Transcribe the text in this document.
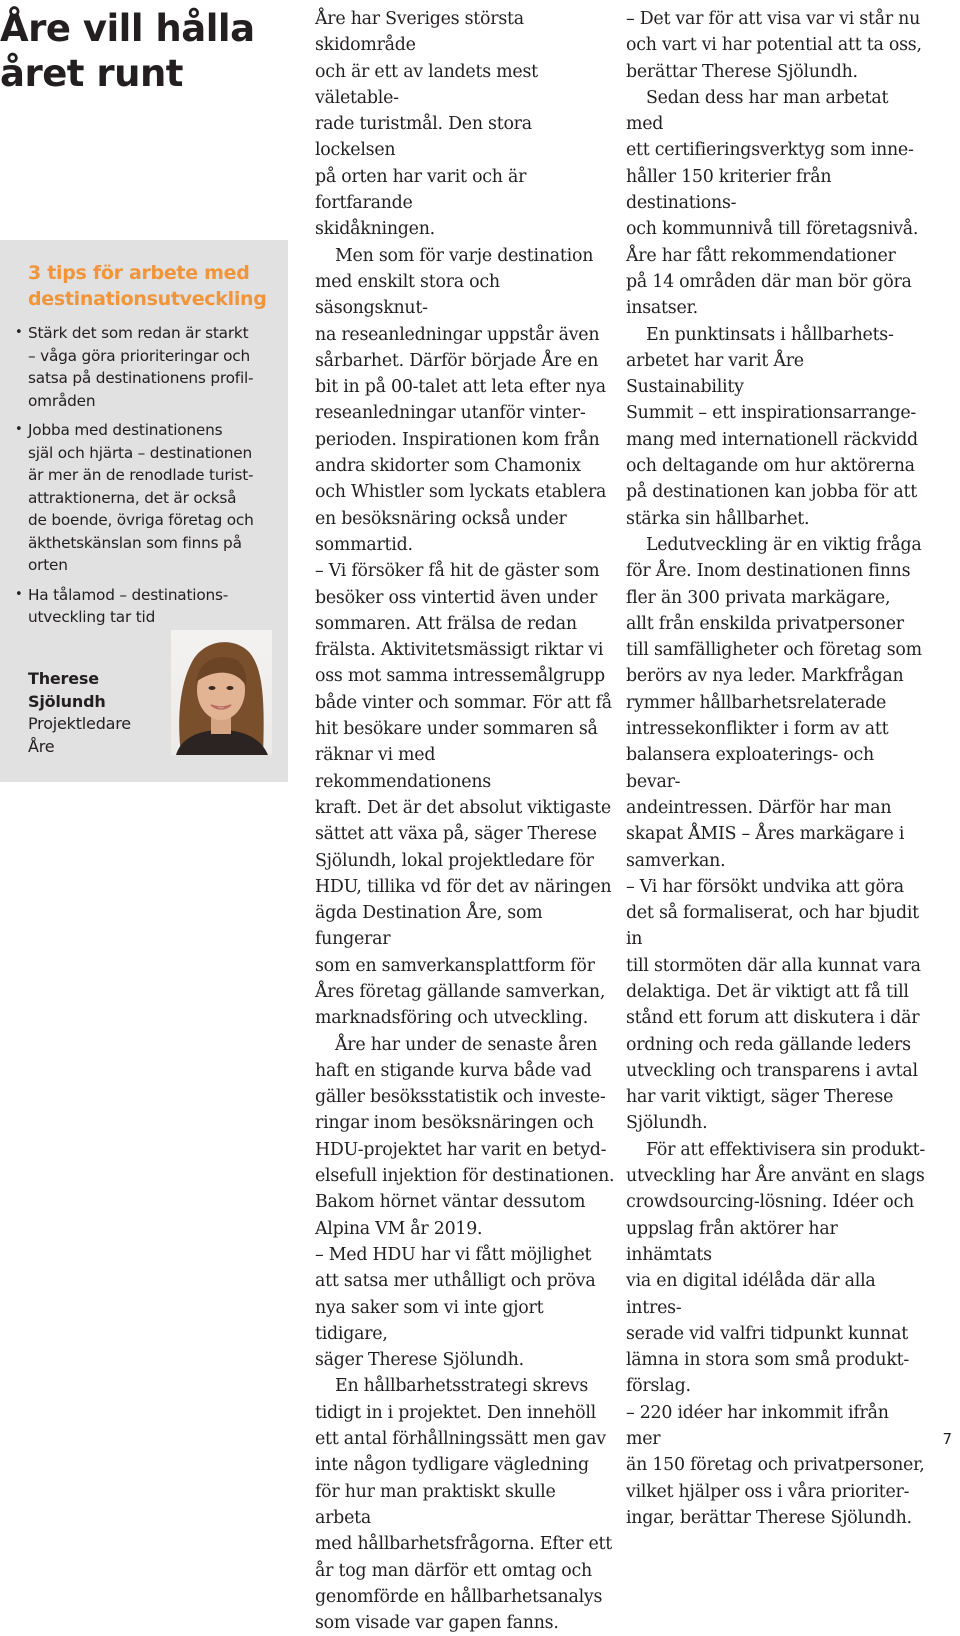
Åre vill hålla
året runt
3 tips för arbete med
destinationsutveckling
• Stärk det som redan är starkt
– våga göra prioriteringar och
satsa på destinationens profil-
områden
• Jobba med destinationens
själ och hjärta – destinationen
är mer än de renodlade turist-
attraktionerna, det är också
de boende, övriga företag och
äkthetskänslan som finns på
orten
• Ha tålamod – destinations-
utveckling tar tid
Therese
Sjölundh
Projektledare
Åre

Åre har Sveriges största skidområde
och är ett av landets mest väletable-
rade turistmål. Den stora lockelsen
på orten har varit och är fortfarande
skidåkningen.

Men som för varje destination
med enskilt stora och säsongsknut-
na reseanledningar uppstår även
sårbarhet. Därför började Åre en
bit in på 00-talet att leta efter nya
reseanledningar utanför vinter-
perioden. Inspirationen kom från
andra skidorter som Chamonix
och Whistler som lyckats etablera
en besöksnäring också under
sommartid.

– Vi försöker få hit de gäster som
besöker oss vintertid även under
sommaren. Att frälsa de redan
frälsta. Aktivitetsmässigt riktar vi
oss mot samma intressemålgrupp
både vinter och sommar. För att få
hit besökare under sommaren så
räknar vi med rekommendationens
kraft. Det är det absolut viktigaste
sättet att växa på, säger Therese
Sjölundh, lokal projektledare för
HDU, tillika vd för det av näringen
ägda Destination Åre, som fungerar
som en samverkansplattform för
Åres företag gällande samverkan,
marknadsföring och utveckling.

Åre har under de senaste åren
haft en stigande kurva både vad
gäller besöksstatistik och investe-
ringar inom besöksnäringen och
HDU-projektet har varit en betyd-
elsefull injektion för destinationen.
Bakom hörnet väntar dessutom
Alpina VM år 2019.

– Med HDU har vi fått möjlighet
att satsa mer uthålligt och pröva
nya saker som vi inte gjort tidigare,
säger Therese Sjölundh.

En hållbarhetsstrategi skrevs
tidigt in i projektet. Den innehöll
ett antal förhållningssätt men gav
inte någon tydligare vägledning
för hur man praktiskt skulle arbeta
med hållbarhetsfrågorna. Efter ett
år tog man därför ett omtag och
genomförde en hållbarhetsanalys
som visade var gapen fanns.

– Det var för att visa var vi står nu
och vart vi har potential att ta oss,
berättar Therese Sjölundh.

Sedan dess har man arbetat med
ett certifieringsverktyg som inne-
håller 150 kriterier från destinations-
och kommunnivå till företagsnivå.
Åre har fått rekommendationer
på 14 områden där man bör göra
insatser.

En punktinsats i hållbarhets-
arbetet har varit Åre Sustainability
Summit – ett inspirationsarrange-
mang med internationell räckvidd
och deltagande om hur aktörerna
på destinationen kan jobba för att
stärka sin hållbarhet.

Ledutveckling är en viktig fråga
för Åre. Inom destinationen finns
fler än 300 privata markägare,
allt från enskilda privatpersoner
till samfälligheter och företag som
berörs av nya leder. Markfrågan
rymmer hållbarhetsrelaterade
intressekonflikter i form av att
balansera exploaterings- och bevar-
andeintressen. Därför har man
skapat ÅMIS – Åres markägare i
samverkan.

– Vi har försökt undvika att göra
det så formaliserat, och har bjudit in
till stormöten där alla kunnat vara
delaktiga. Det är viktigt att få till
stånd ett forum att diskutera i där
ordning och reda gällande leders
utveckling och transparens i avtal
har varit viktigt, säger Therese
Sjölundh.

För att effektivisera sin produkt-
utveckling har Åre använt en slags
crowdsourcing-lösning. Idéer och
uppslag från aktörer har inhämtats
via en digital idélåda där alla intres-
serade vid valfri tidpunkt kunnat
lämna in stora som små produkt-
förslag.

– 220 idéer har inkommit ifrån mer
än 150 företag och privatpersoner,
vilket hjälper oss i våra prioriter-
ingar, berättar Therese Sjölundh.

7
